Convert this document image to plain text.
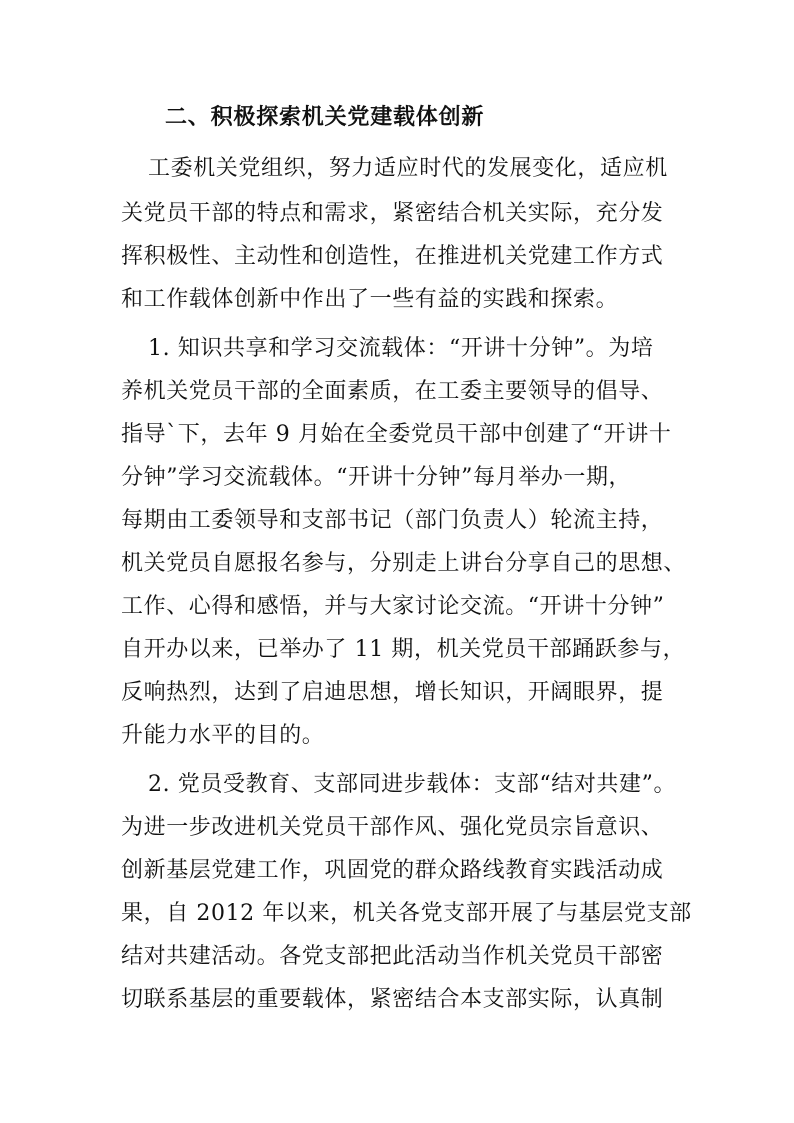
二、积极探索机关党建载体创新

工委机关党组织，努力适应时代的发展变化，适应机

关党员干部的特点和需求，紧密结合机关实际，充分发

挥积极性、主动性和创造性，在推进机关党建工作方式

和工作载体创新中作出了一些有益的实践和探索。

1. 知识共享和学习交流载体：“开讲十分钟”。为培

养机关党员干部的全面素质，在工委主要领导的倡导、

指导`下，去年 9 月始在全委党员干部中创建了“开讲十

分钟”学习交流载体。“开讲十分钟”每月举办一期，

每期由工委领导和支部书记（部门负责人）轮流主持，

机关党员自愿报名参与，分别走上讲台分享自己的思想、

工作、心得和感悟，并与大家讨论交流。“开讲十分钟”

自开办以来，已举办了 11 期，机关党员干部踊跃参与，

反响热烈，达到了启迪思想，增长知识，开阔眼界，提

升能力水平的目的。

2. 党员受教育、支部同进步载体：支部“结对共建”。

为进一步改进机关党员干部作风、强化党员宗旨意识、

创新基层党建工作，巩固党的群众路线教育实践活动成

果，自 2012 年以来，机关各党支部开展了与基层党支部

结对共建活动。各党支部把此活动当作机关党员干部密

切联系基层的重要载体，紧密结合本支部实际，认真制
